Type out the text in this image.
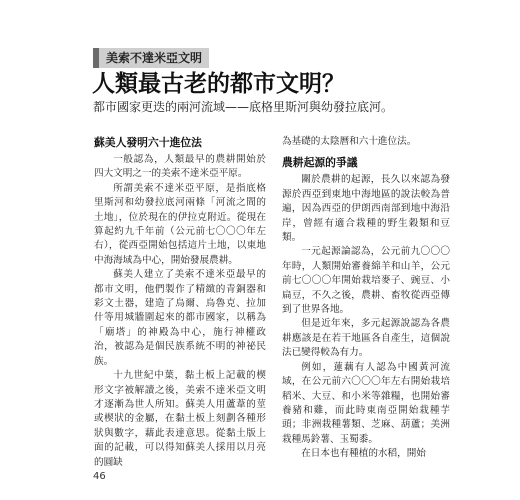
美索不達米亞文明
人類最古老的都市文明？
都市國家更迭的兩河流域——底格里斯河與幼發拉底河。
蘇美人發明六十進位法

一般認為，人類最早的農耕開始於四大文明之一的美索不達米亞平原。

所謂美索不達米亞平原，是指底格里斯河和幼發拉底河兩條「河流之間的土地」，位於現在的伊拉克附近。從現在算起約九千年前（公元前七〇〇〇年左右），從西亞開始包括這片土地，以東地中海海域為中心，開始發展農耕。

蘇美人建立了美索不達米亞最早的都市文明，他們製作了精緻的青銅器和彩文土器，建造了烏爾、烏魯克、拉加什等用城牆圍起來的都市國家，以稱為「廟塔」的神殿為中心，施行神權政治，被認為是個民族系統不明的神祕民族。

十九世紀中葉，黏土板上記載的楔形文字被解讀之後，美索不達米亞文明才逐漸為世人所知。蘇美人用蘆葦的莖或楔狀的金屬，在黏土板上刻劃各種形狀與數字，藉此表達意思。從黏土版上面的記載，可以得知蘇美人採用以月亮的圓缺

為基礎的太陰曆和六十進位法。

農耕起源的爭議

關於農耕的起源，長久以來認為發源於西亞到東地中海地區的說法較為普遍，因為西亞的伊朗西南部到地中海沿岸，曾經有適合栽種的野生穀類和豆類。

一元起源論認為，公元前九〇〇〇年時，人類開始審養綿羊和山羊，公元前七〇〇〇年開始栽培麥子、豌豆、小扁豆，不久之後，農耕、畜牧從西亞傳到了世界各地。

但是近年來，多元起源說認為各農耕應該是在若干地區各自產生，這個說法已變得較為有力。

例如，蓮藕有人認為中國黃河流域，在公元前六〇〇〇年左右開始栽培稻米、大豆、和小米等雜糧，也開始審養豬和雞，而此時東南亞開始栽種芋頭；非洲栽種薯類、芝麻、葫蘆；美洲栽種馬鈴薯、玉蜀黍。

在日本也有種植的水稻，開始

46
